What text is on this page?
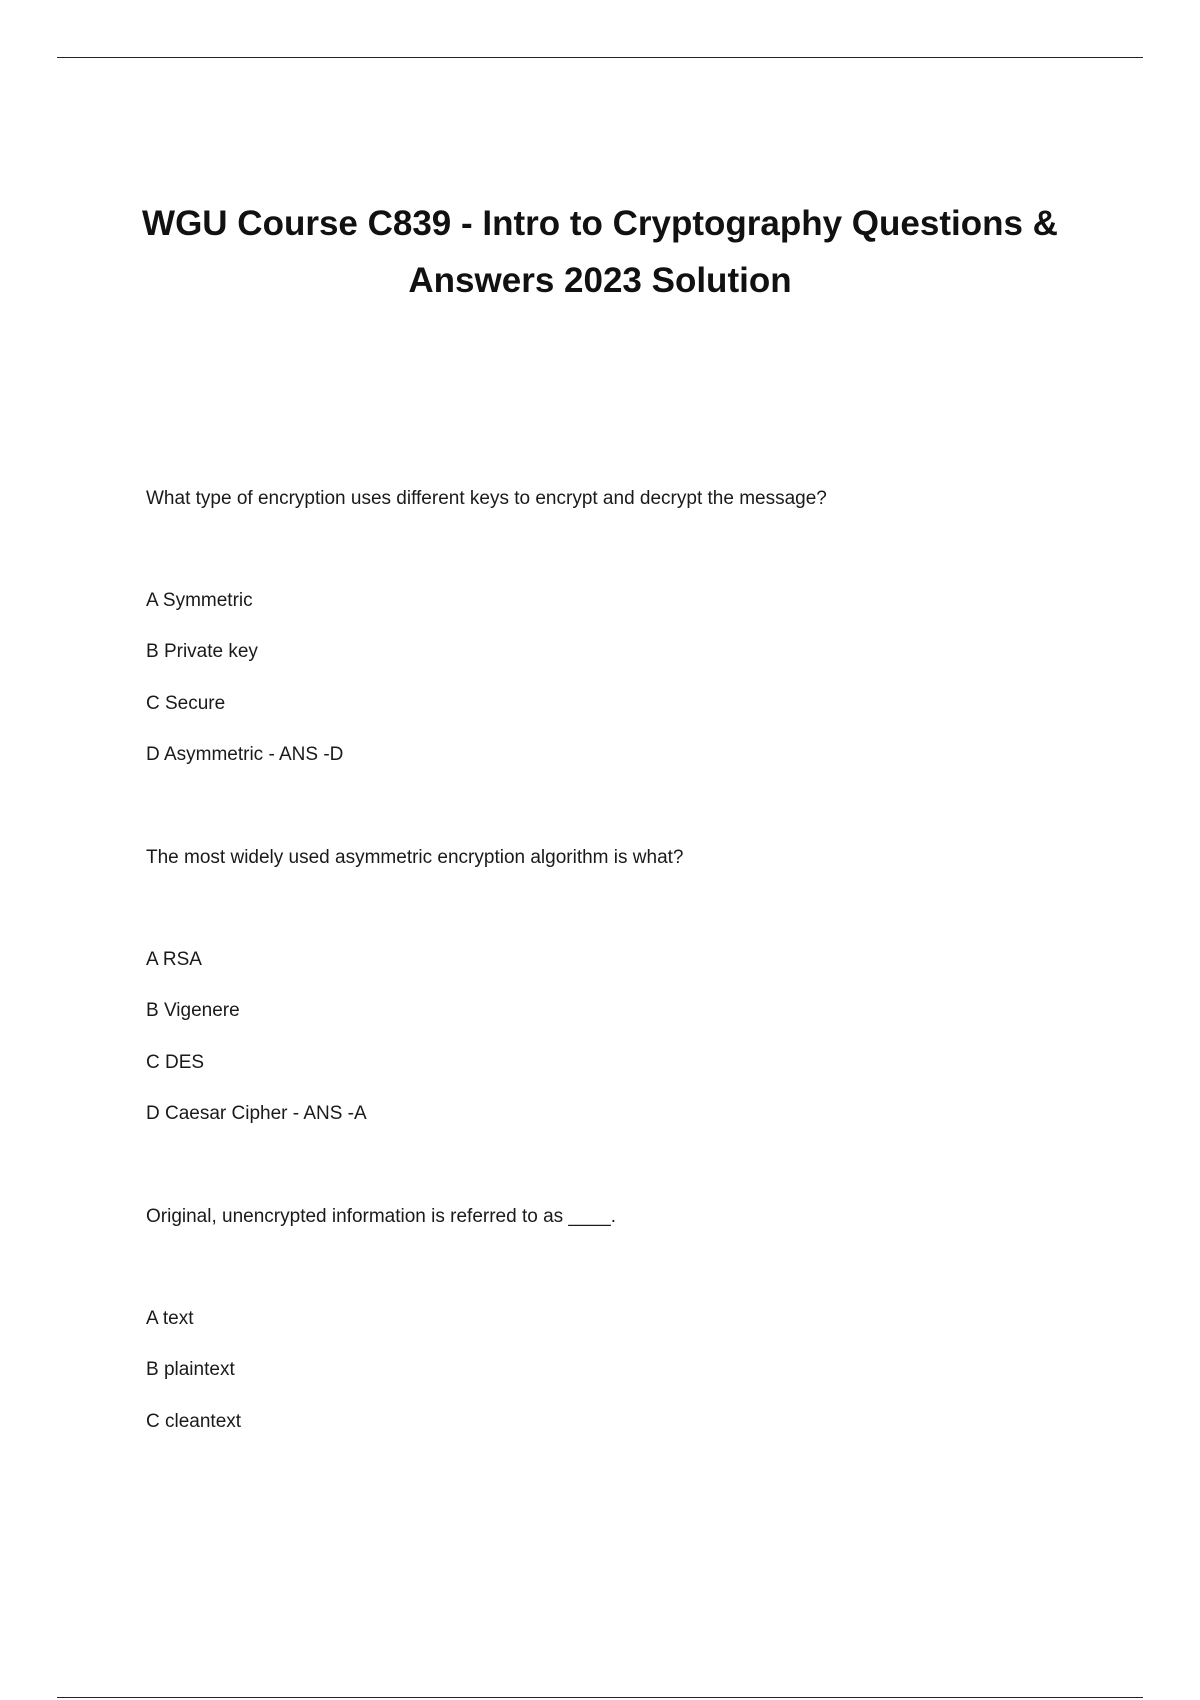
WGU Course C839 - Intro to Cryptography Questions &
Answers 2023 Solution
What type of encryption uses different keys to encrypt and decrypt the message?
A Symmetric
B Private key
C Secure
D Asymmetric - ANS -D
The most widely used asymmetric encryption algorithm is what?
A RSA
B Vigenere
C DES
D Caesar Cipher - ANS -A
Original, unencrypted information is referred to as ____.
A text
B plaintext
C cleantext
